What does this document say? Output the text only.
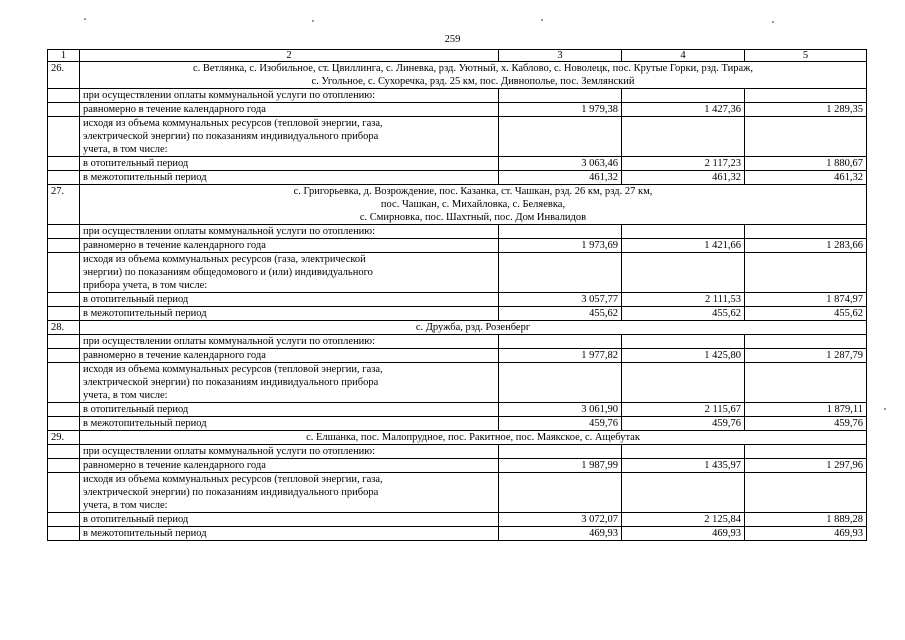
259
1	2	3	4	5
26.	с. Ветлянка, с. Изобильное, ст. Цвиллинга, с. Линевка, рзд. Уютный, х. Каблово, с. Новолецк, пос. Крутые Горки, рзд. Тираж,
с. Угольное, с. Сухоречка, рзд. 25 км, пос. Дивнополье, пос. Землянский			

	при осуществлении оплаты коммунальной услуги по отоплению:			

	равномерно в течение календарного года	1 979,38	1 427,36	1 289,35

	исходя из объема коммунальных ресурсов (тепловой энергии, газа,
электрической энергии) по показаниям индивидуального прибора
учета, в том числе:			

	в отопительный период	3 063,46	2 117,23	1 880,67

	в межотопительный период	461,32	461,32	461,32
27.	с. Григорьевка, д. Возрождение, пос. Казанка, ст. Чашкан, рзд. 26 км, рзд. 27 км,
пос. Чашкан, с. Михайловка, с. Беляевка,
с. Смирновка, пос. Шахтный, пос. Дом Инвалидов			

	при осуществлении оплаты коммунальной услуги по отоплению:			

	равномерно в течение календарного года	1 973,69	1 421,66	1 283,66

	исходя из объема коммунальных ресурсов (газа, электрической
энергии) по показаниям общедомового и (или) индивидуального
прибора учета, в том числе:			

	в отопительный период	3 057,77	2 111,53	1 874,97

	в межотопительный период	455,62	455,62	455,62
28.	с. Дружба, рзд. Розенберг			

	при осуществлении оплаты коммунальной услуги по отоплению:			

	равномерно в течение календарного года	1 977,82	1 425,80	1 287,79

	исходя из объема коммунальных ресурсов (тепловой энергии, газа,
электрической энергии) по показаниям индивидуального прибора
учета, в том числе:			

	в отопительный период	3 061,90	2 115,67	1 879,11

	в межотопительный период	459,76	459,76	459,76
29.	с. Елшанка, пос. Малопрудное, пос. Ракитное, пос. Маякское, с. Ащебутак			

	при осуществлении оплаты коммунальной услуги по отоплению:			

	равномерно в течение календарного года	1 987,99	1 435,97	1 297,96

	исходя из объема коммунальных ресурсов (тепловой энергии, газа,
электрической энергии) по показаниям индивидуального прибора
учета, в том числе:			

	в отопительный период	3 072,07	2 125,84	1 889,28

	в межотопительный период	469,93	469,93	469,93
